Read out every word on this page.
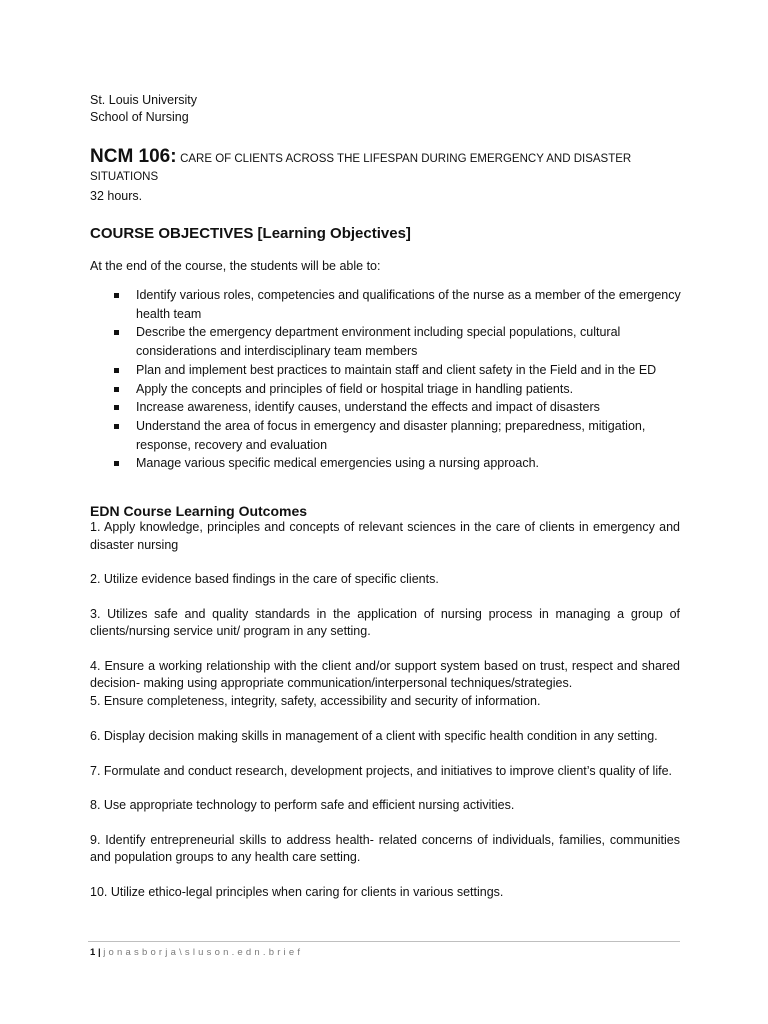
St. Louis University
School of Nursing
NCM 106: CARE OF CLIENTS ACROSS THE LIFESPAN DURING EMERGENCY AND DISASTER SITUATIONS
32 hours.
COURSE OBJECTIVES [Learning Objectives]
At the end of the course, the students will be able to:
Identify various roles, competencies and qualifications of the nurse as a member of the emergency health team
Describe the emergency department environment including special populations, cultural considerations and interdisciplinary team members
Plan and implement best practices to maintain staff and client safety in the Field and in the ED
Apply the concepts and principles of field or hospital triage in handling patients.
Increase awareness, identify causes, understand the effects and impact of disasters
Understand the area of focus in emergency and disaster planning; preparedness, mitigation, response, recovery and evaluation
Manage various specific medical emergencies using a nursing approach.
EDN Course Learning Outcomes
1. Apply knowledge, principles and concepts of relevant sciences in the care of clients in emergency and disaster nursing
2. Utilize evidence based findings in the care of specific clients.
3. Utilizes safe and quality standards in the application of nursing process in managing a group of clients/nursing service unit/ program in any setting.
4. Ensure a working relationship with the client and/or support system based on trust, respect and shared decision- making using appropriate communication/interpersonal techniques/strategies.
5. Ensure completeness, integrity, safety, accessibility and security of information.
6. Display decision making skills in management of a client with specific health condition in any setting.
7. Formulate and conduct research, development projects, and initiatives to improve client’s quality of life.
8. Use appropriate technology to perform safe and efficient nursing activities.
9. Identify entrepreneurial skills to address health- related concerns of individuals, families, communities and population groups to any health care setting.
10. Utilize ethico-legal principles when caring for clients in various settings.
1 | jonasborja\sluson.edn.brief
